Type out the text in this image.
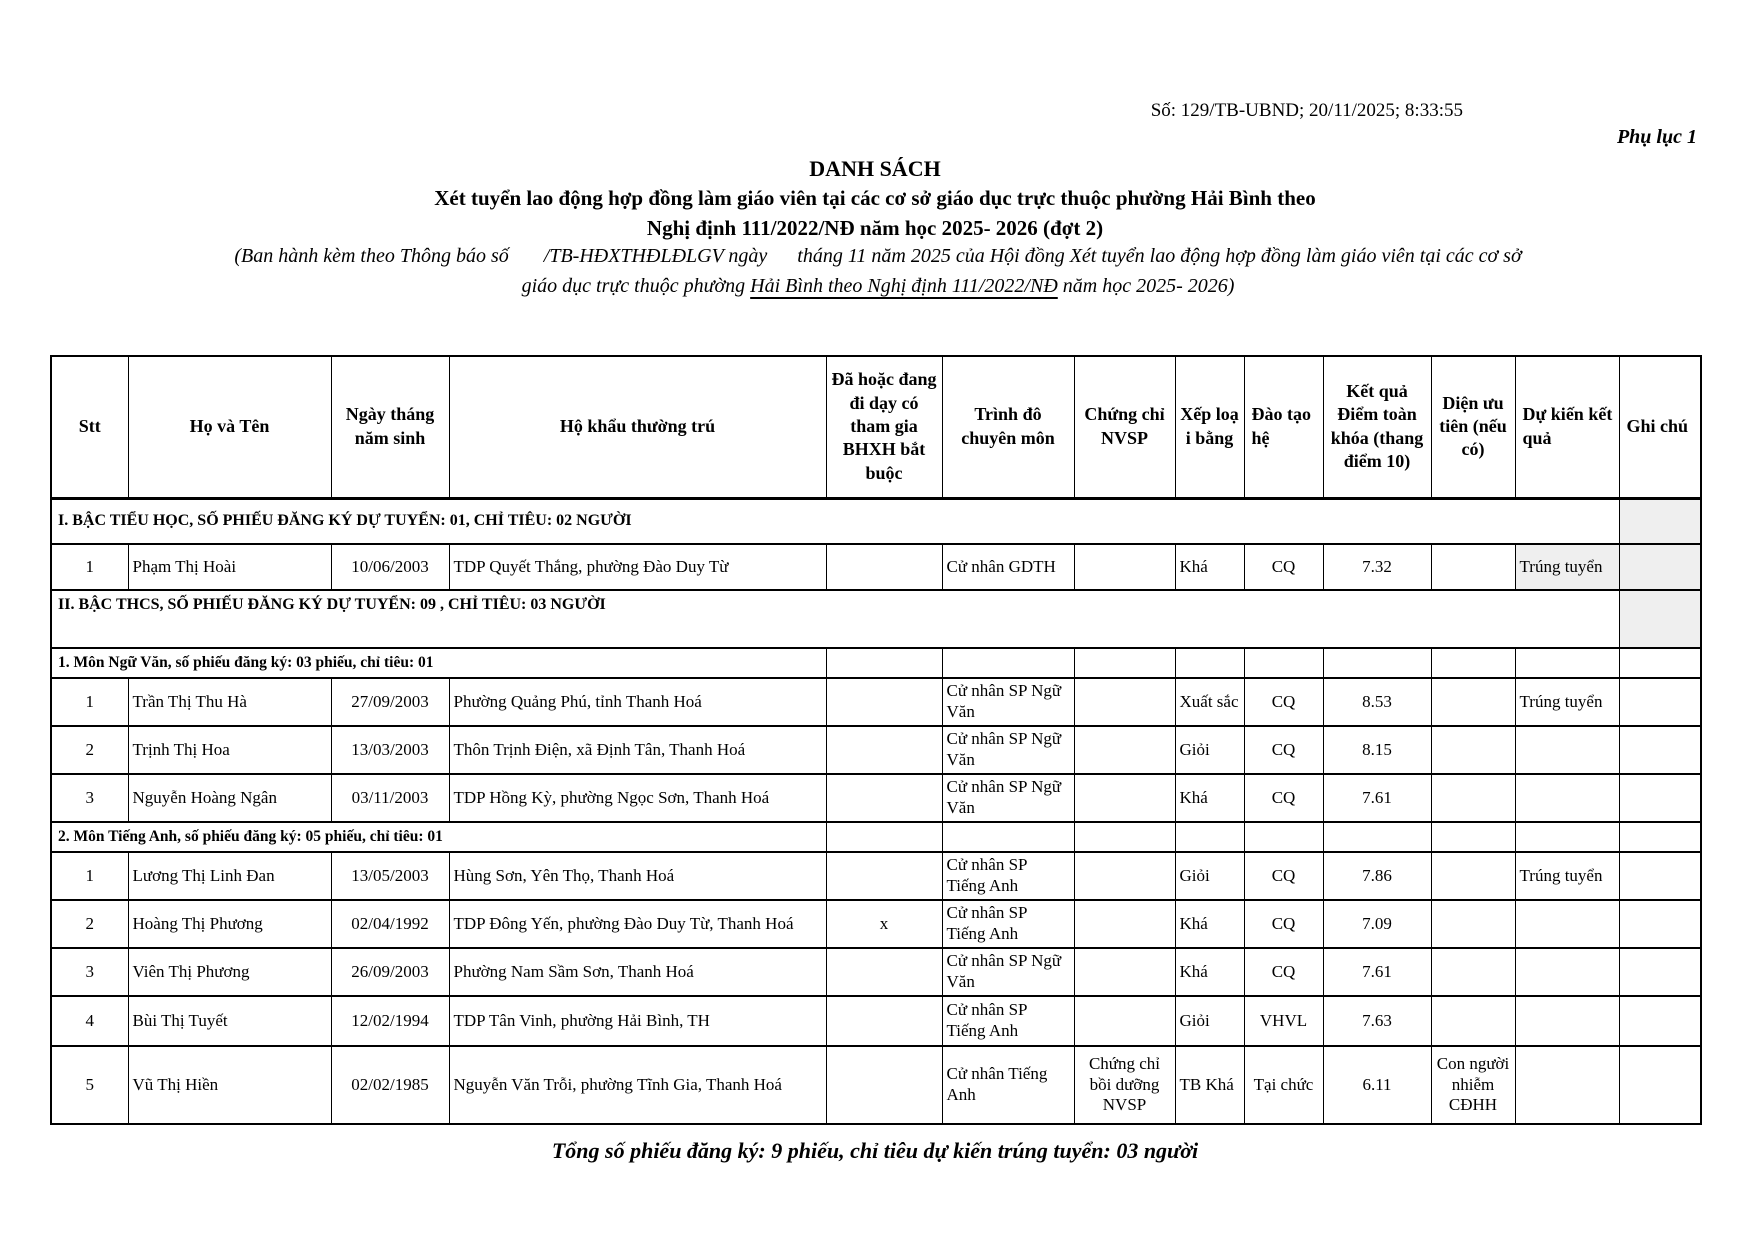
Số: 129/TB-UBND; 20/11/2025; 8:33:55
Phụ lục 1
DANH SÁCH
Xét tuyển lao động hợp đồng làm giáo viên tại các cơ sở giáo dục trực thuộc phường Hải Bình theo
Nghị định 111/2022/NĐ năm học 2025- 2026 (đợt 2)
(Ban hành kèm theo Thông báo số       /TB-HĐXTHĐLĐLGV ngày      tháng 11 năm 2025 của Hội đồng Xét tuyển lao động hợp đồng làm giáo viên tại các cơ sở
giáo dục trực thuộc phường Hải Bình theo Nghị định 111/2022/NĐ năm học 2025- 2026)
Stt	Họ và Tên	Ngày tháng năm sinh	Hộ khẩu thường trú	Đã hoặc đang đi dạy có tham gia BHXH bắt buộc	Trình đô chuyên môn	Chứng chỉ NVSP	Xếp loại bằng	Đào tạo hệ	Kết quả Điểm toàn khóa (thang điểm 10)	Diện ưu tiên (nếu có)	Dự kiến kết quả	Ghi chú
I. BẬC TIỂU HỌC, SỐ PHIẾU ĐĂNG KÝ DỰ TUYỂN: 01, CHỈ TIÊU: 02 NGƯỜI												
1	Phạm Thị Hoài	10/06/2003	TDP Quyết Thắng, phường Đào Duy Từ		Cử nhân GDTH		Khá	CQ	7.32		Trúng tuyển	
II. BẬC THCS, SỐ PHIẾU ĐĂNG KÝ DỰ TUYỂN: 09 , CHỈ TIÊU: 03 NGƯỜI												
1. Môn Ngữ Văn, số phiếu đăng ký: 03 phiếu, chỉ tiêu: 01												
1	Trần Thị Thu Hà	27/09/2003	Phường Quảng Phú, tỉnh Thanh Hoá		Cử nhân SP Ngữ Văn		Xuất sắc	CQ	8.53		Trúng tuyển	
2	Trịnh Thị Hoa	13/03/2003	Thôn Trịnh Điện, xã Định Tân, Thanh Hoá		Cử nhân SP Ngữ Văn		Giỏi	CQ	8.15			
3	Nguyễn Hoàng Ngân	03/11/2003	TDP Hồng Kỳ, phường Ngọc Sơn, Thanh Hoá		Cử nhân SP Ngữ Văn		Khá	CQ	7.61			
2. Môn Tiếng Anh, số phiếu đăng ký: 05 phiếu, chỉ tiêu: 01												
1	Lương Thị Linh Đan	13/05/2003	Hùng Sơn, Yên Thọ, Thanh Hoá		Cử nhân SP Tiếng Anh		Giỏi	CQ	7.86		Trúng tuyển	
2	Hoàng Thị Phương	02/04/1992	TDP Đông Yến, phường Đào Duy Từ, Thanh Hoá	x	Cử nhân SP Tiếng Anh		Khá	CQ	7.09			
3	Viên Thị Phương	26/09/2003	Phường Nam Sầm Sơn, Thanh Hoá		Cử nhân SP Ngữ Văn		Khá	CQ	7.61			
4	Bùi Thị Tuyết	12/02/1994	TDP Tân Vinh, phường Hải Bình, TH		Cử nhân SP Tiếng Anh		Giỏi	VHVL	7.63			
5	Vũ Thị Hiền	02/02/1985	Nguyễn Văn Trỗi, phường Tĩnh Gia, Thanh Hoá		Cử nhân Tiếng Anh	Chứng chỉ bồi dưỡng NVSP	TB Khá	Tại chức	6.11	Con người nhiễm CĐHH		
Tổng số phiếu đăng ký: 9 phiếu, chỉ tiêu dự kiến trúng tuyển: 03 người
